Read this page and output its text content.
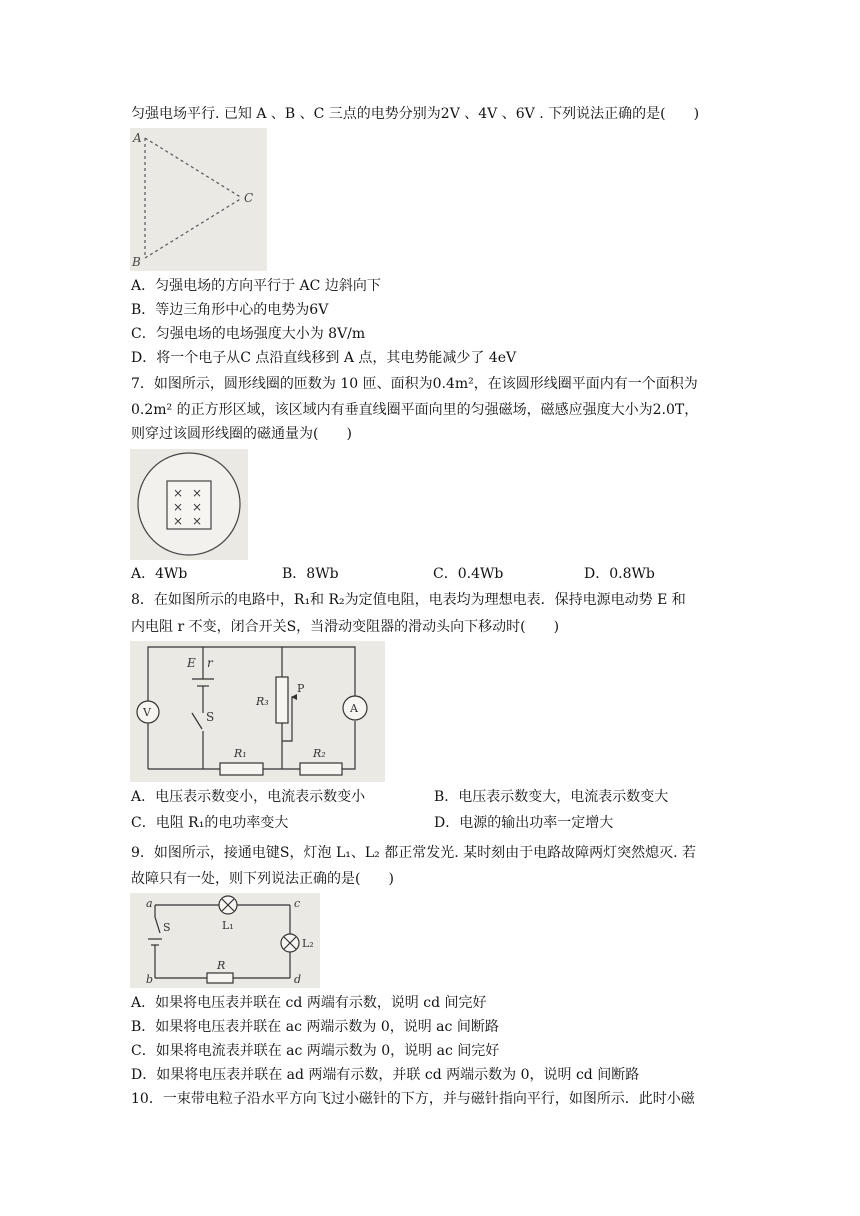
匀强电场平行. 已知 A 、B 、C 三点的电势分别为2V 、4V 、6V . 下列说法正确的是(　　)
A
B
C
A．匀强电场的方向平行于 AC 边斜向下
B．等边三角形中心的电势为6V
C．匀强电场的电场强度大小为 8V/m
D．将一个电子从C 点沿直线移到 A 点，其电势能减少了 4eV
7．如图所示，圆形线圈的匝数为 10 匝、面积为0.4m²，在该圆形线圈平面内有一个面积为
0.2m² 的正方形区域，该区域内有垂直线圈平面向里的匀强磁场，磁感应强度大小为2.0T，
则穿过该圆形线圈的磁通量为(　　)
× ×
× ×
× ×
A．4Wb	B．8Wb	C．0.4Wb	D．0.8Wb
8．在如图所示的电路中，R₁和 R₂为定值电阻，电表均为理想电表．保持电源电动势 E 和
内电阻 r 不变，闭合开关S，当滑动变阻器的滑动头向下移动时(　　)
V	A
E r
S
R₃
P
R₁	R₂
A．电压表示数变小，电流表示数变小	B．电压表示数变大，电流表示数变大
C．电阻 R₁的电功率变大	D．电源的输出功率一定增大
9．如图所示，接通电键S，灯泡 L₁、L₂ 都正常发光. 某时刻由于电路故障两灯突然熄灭. 若
故障只有一处，则下列说法正确的是(　　)
a
b
c
d
S	L₁
L₂
R
A．如果将电压表并联在 cd 两端有示数，说明 cd 间完好
B．如果将电压表并联在 ac 两端示数为 0，说明 ac 间断路
C．如果将电流表并联在 ac 两端示数为 0，说明 ac 间完好
D．如果将电压表并联在 ad 两端有示数，并联 cd 两端示数为 0，说明 cd 间断路
10．一束带电粒子沿水平方向飞过小磁针的下方，并与磁针指向平行，如图所示．此时小磁
